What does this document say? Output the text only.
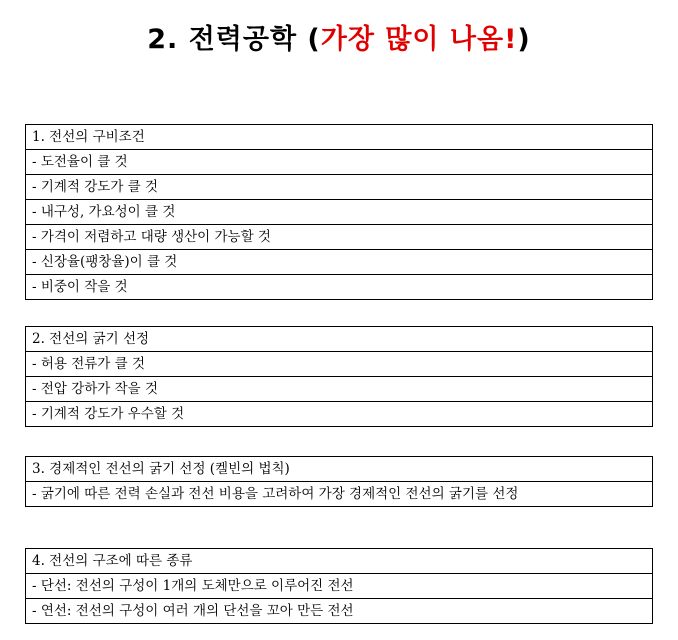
2. 전력공학 (가장 많이 나옴!)
1. 전선의 구비조건
- 도전율이 클 것
- 기계적 강도가 클 것
- 내구성, 가요성이 클 것
- 가격이 저렴하고 대량 생산이 가능할 것
- 신장율(팽창율)이 클 것
- 비중이 작을 것
2. 전선의 굵기 선정
- 허용 전류가 클 것
- 전압 강하가 작을 것
- 기계적 강도가 우수할 것
3. 경제적인 전선의 굵기 선정 (켈빈의 법칙)
- 굵기에 따른 전력 손실과 전선 비용을 고려하여 가장 경제적인 전선의 굵기를 선정
4. 전선의 구조에 따른 종류
- 단선: 전선의 구성이 1개의 도체만으로 이루어진 전선
- 연선: 전선의 구성이 여러 개의 단선을 꼬아 만든 전선
